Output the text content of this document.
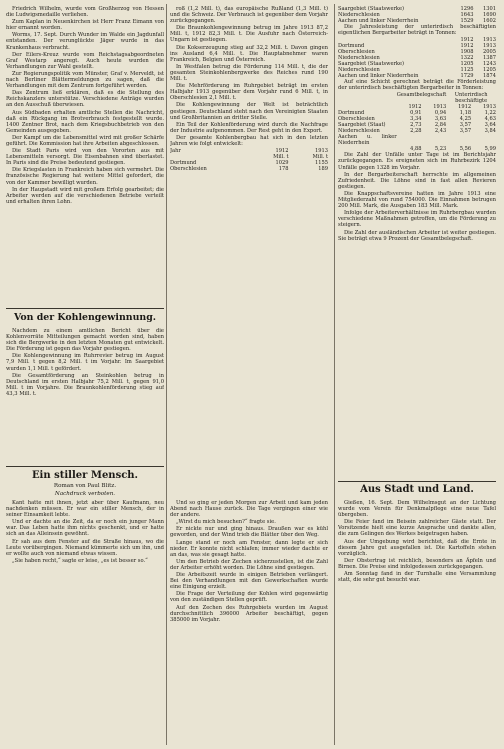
Friedrich Wilhelm, wurde vom Großherzog von Hessen die Ludwigsmedaille verliehen.

Zum Kaplan in Neuenkirchen ist Herr Franz Eimann von hier ernannt worden.

Worms, 17. Sept. Durch Wunder im Walde ein Jagdunfall entstanden. Der verunglückte Jäger wurde in das Krankenhaus verbracht.

Der Eilers-Kreuz wurde vom Reichstagsabgeordneten Graf Westarp angeregt. Auch heute wurden die Verhandlungen zur Wahl gestellt.

Zur Regierungspolitik vom Münster, Graf v. Merveldt, ist nach Berliner Blättermeldungen zu sagen, daß die Verhandlungen mit dem Zentrum fortgeführt werden.

Das Zentrum ließ erklären, daß es die Stellung des Reichskanzlers unterstütze. Verschiedene Anträge wurden an den Ausschuß überwiesen.

Aus Südbaden erhalten amtliche Stellen die Nachricht, daß ein Rückgang im Brotverbrauch festgestellt wurde. 1400 Zentner Brot, nach dem Kriegsbuchbetrieb von den Gemeinden ausgegeben.

Der Kampf um die Lebensmittel wird mit großer Schärfe geführt. Die Kommission hat ihre Arbeiten abgeschlossen.

Die Stadt Paris wird von den Vororten aus mit Lebensmitteln versorgt. Die Eisenbahnen sind überlastet. In Paris sind die Preise bedeutend gestiegen.

Die Kriegslasten in Frankreich haben sich vermehrt. Die französische Regierung hat weitere Mittel gefordert, die von der Kammer bewilligt wurden.

In der Haupstadt wird mit großem Erfolg gearbeitet; die Arbeiter werden auf die verschiedenen Betriebe verteilt und erhalten ihren Lohn.

Von der Kohlengewinnung.

Nachdem zu einem amtlichen Bericht über die Kohlenvorräte Mitteilungen gemacht worden sind, haben sich die Bergwerke in den letzten Monaten gut entwickelt. Die Förderung ist gegen das Vorjahr gestiegen.

Die Kohlengewinnung im Ruhrrevier betrug im August 7,9 Mill. t gegen 8,2 Mill. t im Vorjahr. Im Saargebiet wurden 1,1 Mill. t gefördert.

Die Gesamtförderung an Steinkohlen betrug in Deutschland im ersten Halbjahr 75,2 Mill. t, gegen 91,0 Mill. t im Vorjahre. Die Braunkohlenförderung stieg auf 43,3 Mill. t.

Ein stiller Mensch.
Roman von Paul Blitz.
Nachdruck verboten.

Kant hatte mit ihnen, jetzt aber über Kaufmann, neu nachdenken müssen. Er war ein stiller Mensch, der in seiner Einsamkeit lebte.

Und er dachte an die Zeit, da er noch ein junger Mann war. Das Leben hatte ihm nichts geschenkt, und er hatte sich an das Alleinsein gewöhnt.

Er sah aus dem Fenster auf die Straße hinaus, wo die Leute vorübergingen. Niemand kümmerte sich um ihn, und er wollte auch von niemand etwas wissen.

„Sie haben recht,“ sagte er leise, „es ist besser so.“

roß (1,2 Mill. t), das europäische Rußland (1,3 Mill. t) und die Schweiz. Der Verbrauch ist gegenüber dem Vorjahr zurückgegangen.

Die Braunkohlengewinnung betrug im Jahre 1913 87,2 Mill. t, 1912 82,3 Mill. t. Die Ausfuhr nach Österreich-Ungarn ist gestiegen.

Die Kokserzeugung stieg auf 32,2 Mill. t. Davon gingen ins Ausland 6,4 Mill. t. Die Hauptabnehmer waren Frankreich, Belgien und Österreich.

In Westfalen betrug die Förderung 114 Mill. t, die der gesamten Steinkohlenbergwerke des Reiches rund 190 Mill. t.

Die Mehrförderung im Ruhrgebiet beträgt im ersten Halbjahr 1913 gegenüber dem Vorjahr rund 6 Mill. t, in Oberschlesien 2,1 Mill. t.

Die Kohlengewinnung der Welt ist beträchtlich gestiegen. Deutschland steht nach den Vereinigten Staaten und Großbritannien an dritter Stelle.

Ein Teil der Kohlenförderung wird durch die Nachfrage der Industrie aufgenommen. Der Rest geht in den Export.

Der gesamte Kohlenbergbau hat sich in den letzten Jahren wie folgt entwickelt:

Jahr	1912	1913
	Mill. t	Mill. t
Dortmund	1029	1155
Oberschlesien	178	189

Und so ging er jeden Morgen zur Arbeit und kam jeden Abend nach Hause zurück. Die Tage vergingen einer wie der andere.

„Wirst du mich besuchen?“ fragte sie.

Er nickte nur und ging hinaus. Draußen war es kühl geworden, und der Wind trieb die Blätter über den Weg.

Lange stand er noch am Fenster, dann legte er sich nieder. Er konnte nicht schlafen; immer wieder dachte er an das, was sie gesagt hatte.

Um den Betrieb der Zechen sicherzustellen, ist die Zahl der Arbeiter erhöht worden. Die Löhne sind gestiegen.

Die Arbeitszeit wurde in einigen Betrieben verlängert. Bei den Verhandlungen mit den Gewerkschaften wurde eine Einigung erzielt.

Die Frage der Verteilung der Kohlen wird gegenwärtig von den zuständigen Stellen geprüft.

Auf den Zechen des Ruhrgebiets wurden im August durchschnittlich 396000 Arbeiter beschäftigt, gegen 385000 im Vorjahr.

Saargebiet (Staatswerke)	1296	1301
Niederschlesien	1643	1690
Aachen und linker Niederrhein	1529	1602

Die Jahresleistung der unterirdisch beschäftigten eigentlichen Bergarbeiter beträgt in Tonnen:

	1912	1913
Dortmund	1912	1913
Oberschlesien	1908	2005
Niederschlesien	1322	1387
Saargebiet (Staatswerke)	1205	1243
Niederschlesien	1125	1205
Aachen und linker Niederrhein	1729	1874

Auf eine Schicht gerechnet beträgt die Förderleistung der unterirdisch beschäftigten Bergarbeiter in Tonnen:

	Gesamtbelegschaft		Unterirdisch beschäftigte	
	1912	1913	1912	1913
Dortmund	0,91	0,94	1,18	1,22
Oberschlesien	3,34	3,63	4,25	4,63
Saargebiet (Staat)	2,73	2,84	3,57	3,64
Niederschlesien	2,28	2,43	3,57	3,84
Aachen u. linker Niederrhein				
	4,88	5,23	5,56	5,99

Die Zahl der Unfälle unter Tage ist im Berichtsjahr zurückgegangen. Es ereigneten sich im Ruhrbezirk 1204 Unfälle gegen 1328 im Vorjahr.

In der Bergarbeiterschaft herrschte im allgemeinen Zufriedenheit. Die Löhne sind in fast allen Revieren gestiegen.

Die Knappschaftsvereine hatten im Jahre 1913 eine Mitgliederzahl von rund 754000. Die Einnahmen betrugen 200 Mill. Mark, die Ausgaben 183 Mill. Mark.

Infolge der Arbeiterverhältnisse im Ruhrbergbau wurden verschiedene Maßnahmen getroffen, um die Förderung zu steigern.

Die Zahl der ausländischen Arbeiter ist weiter gestiegen. Sie beträgt etwa 9 Prozent der Gesamtbelegschaft.

Aus Stadt und Land.

Gießen, 16. Sept. Dem Wilhelmsgut an der Lichtung wurde vom Verein für Denkmalpflege eine neue Tafel übergeben.

Die Feier fand im Beisein zahlreicher Gäste statt. Der Vorsitzende hielt eine kurze Ansprache und dankte allen, die zum Gelingen des Werkes beigetragen haben.

Aus der Umgebung wird berichtet, daß die Ernte in diesem Jahre gut ausgefallen ist. Die Kartoffeln stehen vorzüglich.

Der Obstertrag ist reichlich, besonders an Äpfeln und Birnen. Die Preise sind infolgedessen zurückgegangen.

Am Sonntag fand in der Turnhalle eine Versammlung statt, die sehr gut besucht war.
